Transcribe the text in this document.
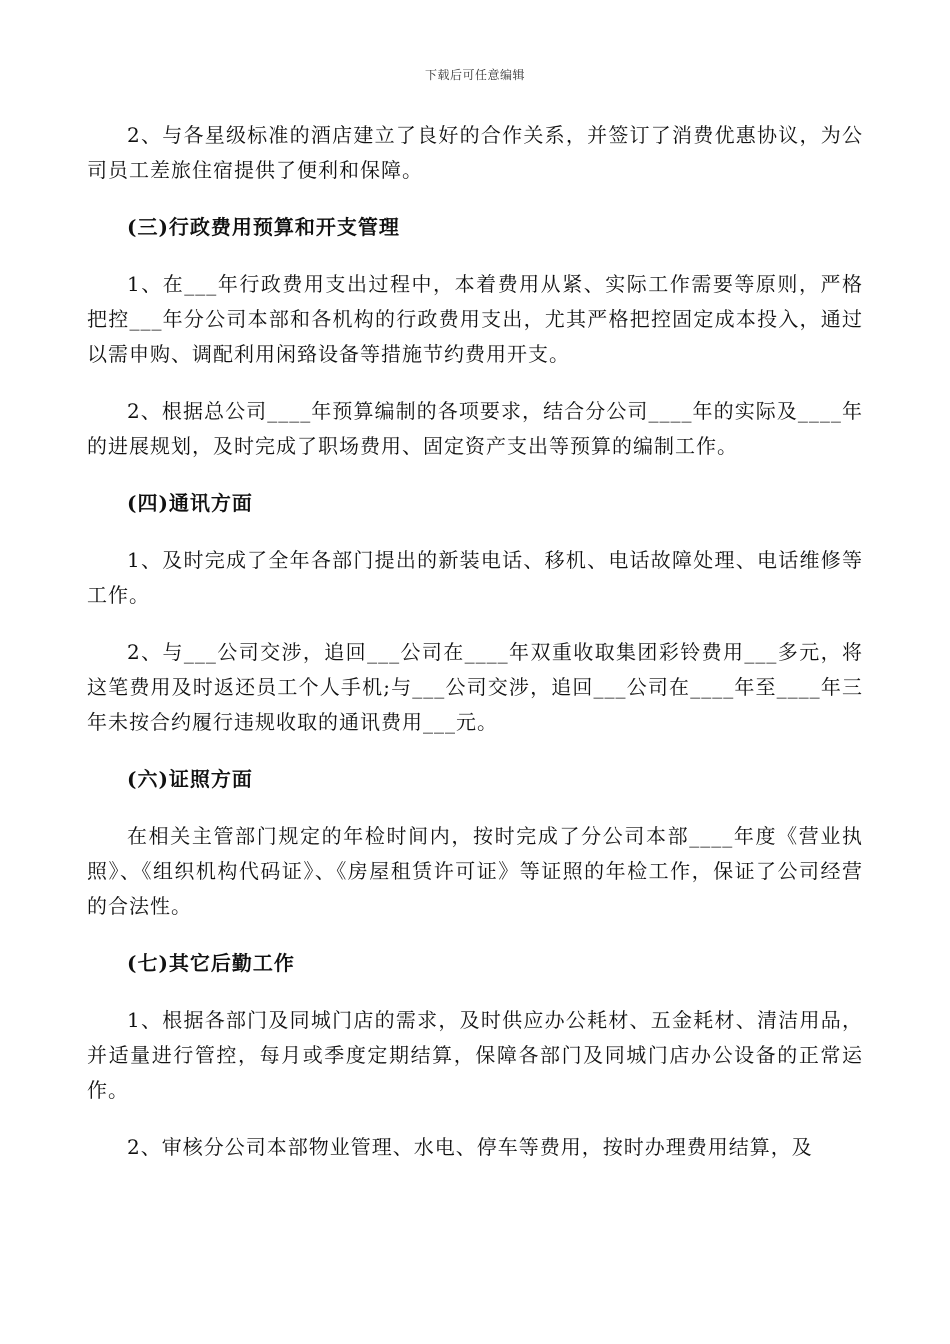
下载后可任意编辑

2、与各星级标准的酒店建立了良好的合作关系，并签订了消费优惠协议，为公司员工差旅住宿提供了便利和保障。

(三)行政费用预算和开支管理

1、在___年行政费用支出过程中，本着费用从紧、实际工作需要等原则，严格把控___年分公司本部和各机构的行政费用支出，尤其严格把控固定成本投入，通过以需申购、调配利用闲臵设备等措施节约费用开支。

2、根据总公司____年预算编制的各项要求，结合分公司____年的实际及____年的进展规划，及时完成了职场费用、固定资产支出等预算的编制工作。

(四)通讯方面

1、及时完成了全年各部门提出的新装电话、移机、电话故障处理、电话维修等工作。

2、与___公司交涉，追回___公司在____年双重收取集团彩铃费用___多元，将这笔费用及时返还员工个人手机;与___公司交涉，追回___公司在____年至____年三年未按合约履行违规收取的通讯费用___元。

(六)证照方面

在相关主管部门规定的年检时间内，按时完成了分公司本部____年度《营业执照》、《组织机构代码证》、《房屋租赁许可证》等证照的年检工作，保证了公司经营的合法性。

(七)其它后勤工作

1、根据各部门及同城门店的需求，及时供应办公耗材、五金耗材、清洁用品，并适量进行管控，每月或季度定期结算，保障各部门及同城门店办公设备的正常运作。

2、审核分公司本部物业管理、水电、停车等费用，按时办理费用结算，及
